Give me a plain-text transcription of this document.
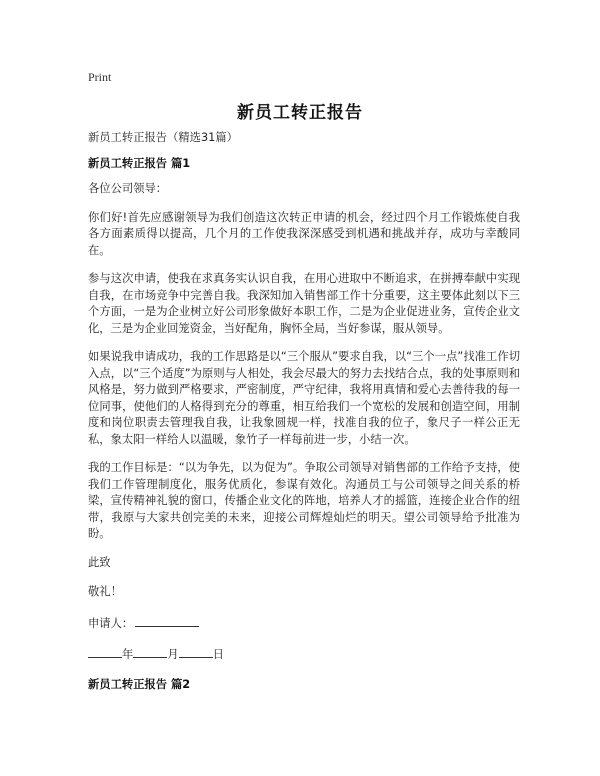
Print
新员工转正报告

新员工转正报告（精选31篇）

新员工转正报告 篇1

各位公司领导：

你们好!首先应感谢领导为我们创造这次转正申请的机会，经过四个月工作锻炼使自我各方面素质得以提高，几个月的工作使我深深感受到机遇和挑战并存，成功与幸酸同在。

参与这次申请，使我在求真务实认识自我，在用心进取中不断追求，在拼搏奉献中实现自我，在市场竞争中完善自我。我深知加入销售部工作十分重要，这主要体此刻以下三个方面，一是为企业树立好公司形象做好本职工作，二是为企业促进业务，宣传企业文化，三是为企业回笼资金，当好配角，胸怀全局，当好参谋，服从领导。

如果说我申请成功，我的工作思路是以“三个服从”要求自我，以“三个一点”找准工作切入点，以“三个适度”为原则与人相处，我会尽最大的努力去找结合点，我的处事原则和风格是，努力做到严格要求，严密制度，严守纪律，我将用真情和爱心去善待我的每一位同事，使他们的人格得到充分的尊重，相互给我们一个宽松的发展和创造空间，用制度和岗位职责去管理我自我，让我象圆规一样，找准自我的位子，象尺子一样公正无私，象太阳一样给人以温暖，象竹子一样每前进一步，小结一次。

我的工作目标是：“以为争先，以为促为”。争取公司领导对销售部的工作给予支持，使我们工作管理制度化，服务优质化，参谋有效化。沟通员工与公司领导之间关系的桥梁，宣传精神礼貌的窗口，传播企业文化的阵地，培养人才的摇篮，连接企业合作的纽带，我原与大家共创完美的未来，迎接公司辉煌灿烂的明天。望公司领导给予批准为盼。

此致

敬礼！

申请人：

年	月	日

新员工转正报告 篇2
